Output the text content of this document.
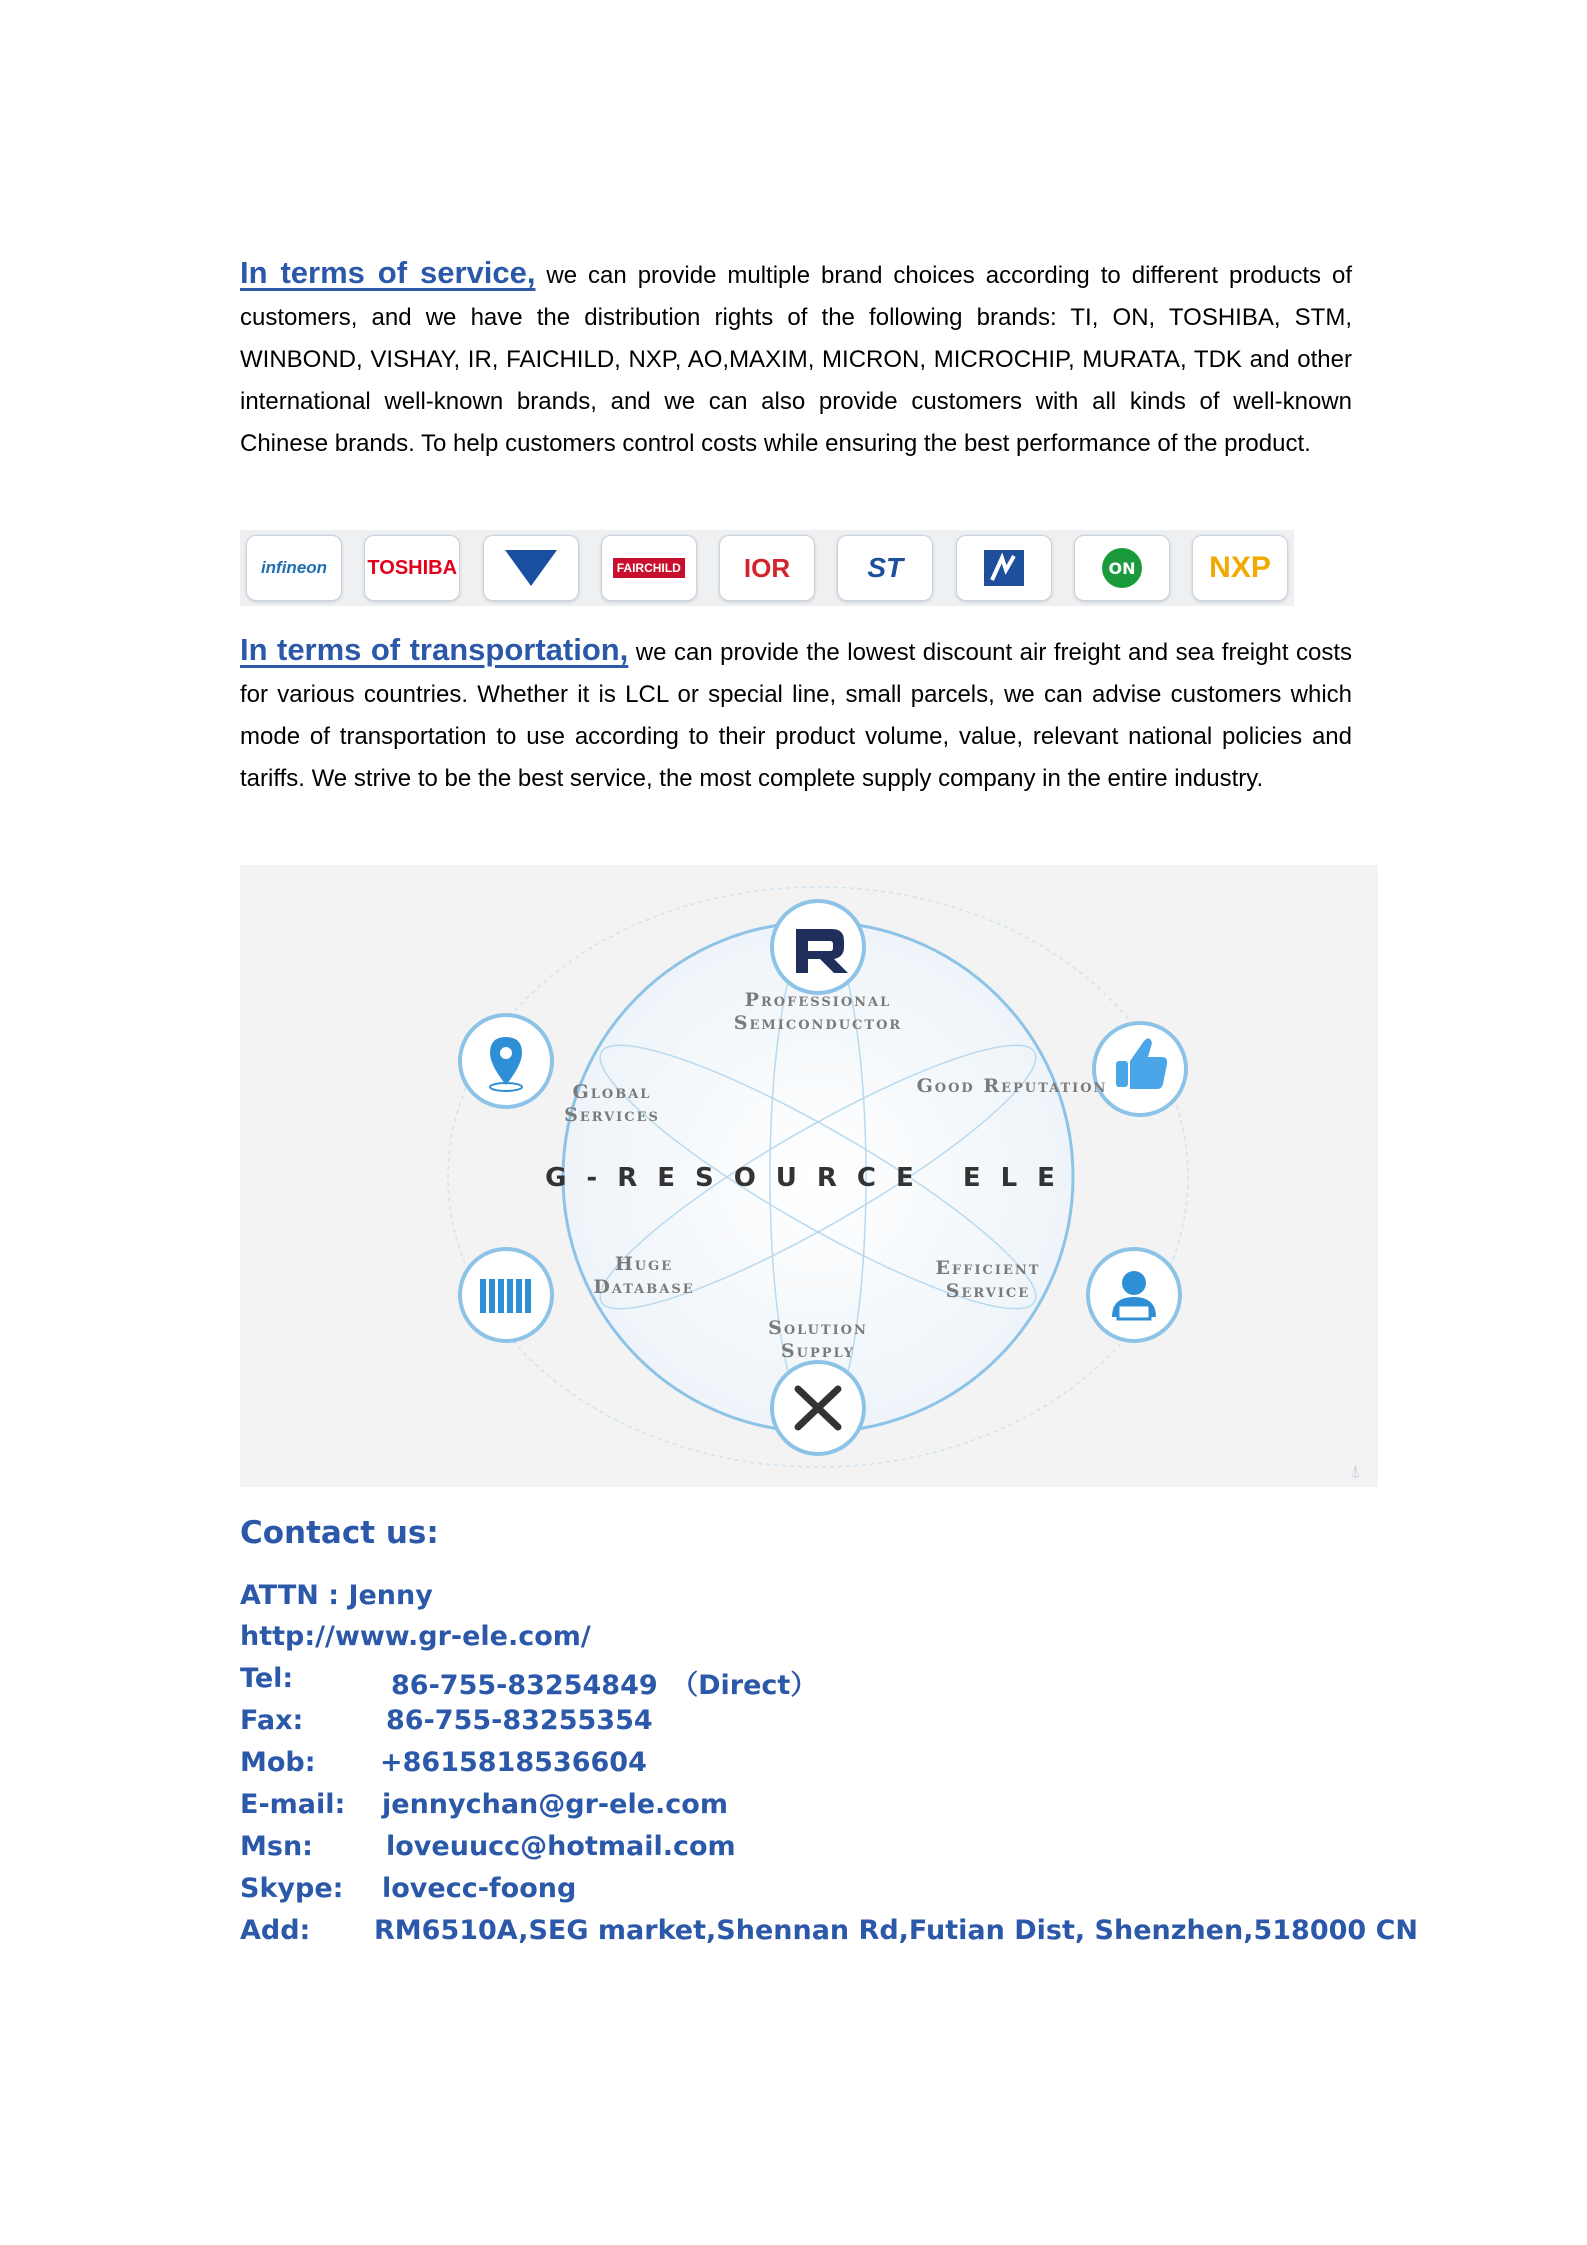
In terms of service, we can provide multiple brand choices according to different products of customers, and we have the distribution rights of the following brands: TI, ON, TOSHIBA, STM, WINBOND, VISHAY, IR, FAICHILD, NXP, AO,MAXIM, MICRON, MICROCHIP, MURATA, TDK and other international well-known brands, and we can also provide customers with all kinds of well-known Chinese brands. To help customers control costs while ensuring the best performance of the product.
infineon TOSHIBA	FAIRCHILD IOR	ST	ON NXP
In terms of transportation, we can provide the lowest discount air freight and sea freight costs for various countries. Whether it is LCL or special line, small parcels, we can advise customers which mode of transportation to use according to their product volume, value, relevant national policies and tariffs. We strive to be the best service, the most complete supply company in the entire industry.
⍋
Professional Semiconductor
Global Services
Good Reputation
Huge Database
Efficient Service
Solution Supply
G-RESOURCE ELE
Contact us:
ATTN : Jenny
http://www.gr-ele.com/
Tel:	86-755-83254849　（Direct）
Fax:	86-755-83255354
Mob: +8615818536604
E-mail: jennychan@gr-ele.com
Msn:	loveuucc@hotmail.com
Skype: lovecc-foong
Add: RM6510A,SEG market,Shennan Rd,Futian Dist, Shenzhen,518000 CN
